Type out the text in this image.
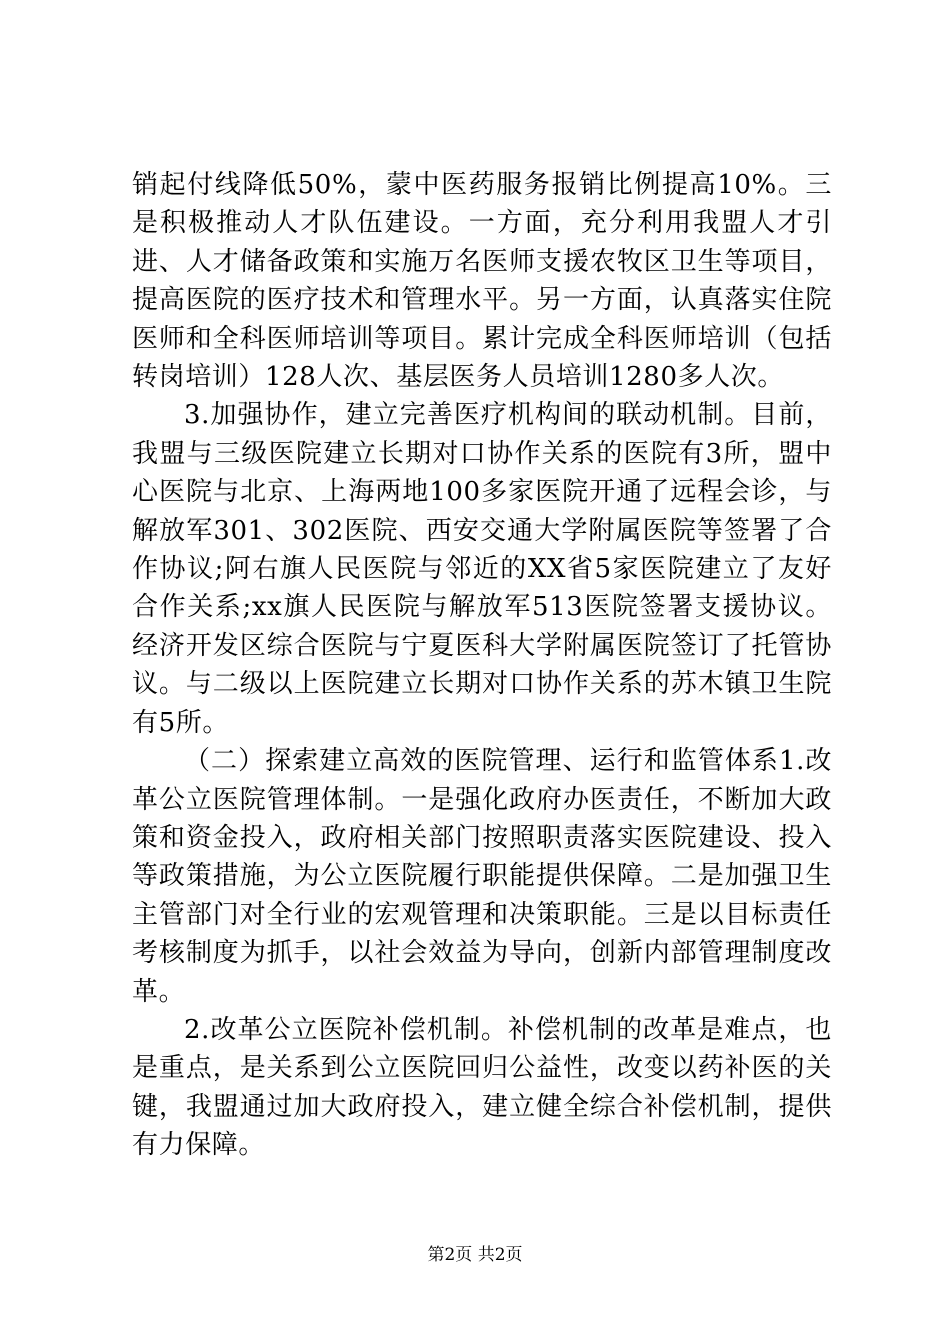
销起付线降低50%，蒙中医药服务报销比例提高10%。三是积极推动人才队伍建设。一方面，充分利用我盟人才引进、人才储备政策和实施万名医师支援农牧区卫生等项目，提高医院的医疗技术和管理水平。另一方面，认真落实住院医师和全科医师培训等项目。累计完成全科医师培训（包括转岗培训）128人次、基层医务人员培训1280多人次。

3.加强协作，建立完善医疗机构间的联动机制。目前，我盟与三级医院建立长期对口协作关系的医院有3所，盟中心医院与北京、上海两地100多家医院开通了远程会诊，与解放军301、302医院、西安交通大学附属医院等签署了合作协议;阿右旗人民医院与邻近的XX省5家医院建立了友好合作关系;xx旗人民医院与解放军513医院签署支援协议。经济开发区综合医院与宁夏医科大学附属医院签订了托管协议。与二级以上医院建立长期对口协作关系的苏木镇卫生院有5所。

（二）探索建立高效的医院管理、运行和监管体系1.改革公立医院管理体制。一是强化政府办医责任，不断加大政策和资金投入，政府相关部门按照职责落实医院建设、投入等政策措施，为公立医院履行职能提供保障。二是加强卫生主管部门对全行业的宏观管理和决策职能。三是以目标责任考核制度为抓手，以社会效益为导向，创新内部管理制度改革。

2.改革公立医院补偿机制。补偿机制的改革是难点，也是重点，是关系到公立医院回归公益性，改变以药补医的关键，我盟通过加大政府投入，建立健全综合补偿机制，提供有力保障。

第2页 共2页
